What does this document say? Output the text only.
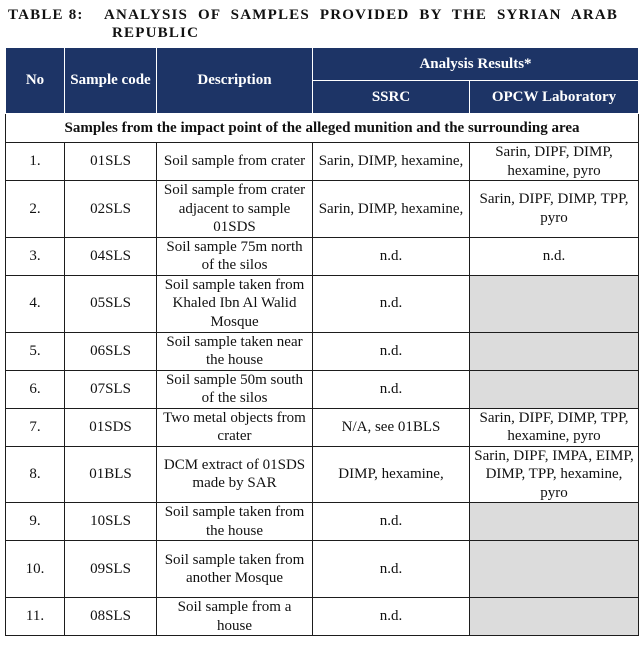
TABLE 8: ANALYSIS OF SAMPLES PROVIDED BY THE SYRIAN ARAB
REPUBLIC
No	Sample code	Description	Analysis Results*	
			SSRC	OPCW Laboratory
Samples from the impact point of the alleged munition and the surrounding area				
1.	01SLS	Soil sample from crater	Sarin, DIMP, hexamine,	Sarin, DIPF, DIMP, hexamine, pyro
2.	02SLS	Soil sample from crater adjacent to sample 01SDS	Sarin, DIMP, hexamine,	Sarin, DIPF, DIMP, TPP, pyro
3.	04SLS	Soil sample 75m north of the silos	n.d.	n.d.
4.	05SLS	Soil sample taken from Khaled Ibn Al Walid Mosque	n.d.	
5.	06SLS	Soil sample taken near the house	n.d.	
6.	07SLS	Soil sample 50m south of the silos	n.d.	
7.	01SDS	Two metal objects from crater	N/A, see 01BLS	Sarin, DIPF, DIMP, TPP, hexamine, pyro
8.	01BLS	DCM extract of 01SDS made by SAR	DIMP, hexamine,	Sarin, DIPF, IMPA, EIMP, DIMP, TPP, hexamine, pyro
9.	10SLS	Soil sample taken from the house	n.d.	
10.	09SLS	Soil sample taken from another Mosque	n.d.	
11.	08SLS	Soil sample from a house	n.d.	
